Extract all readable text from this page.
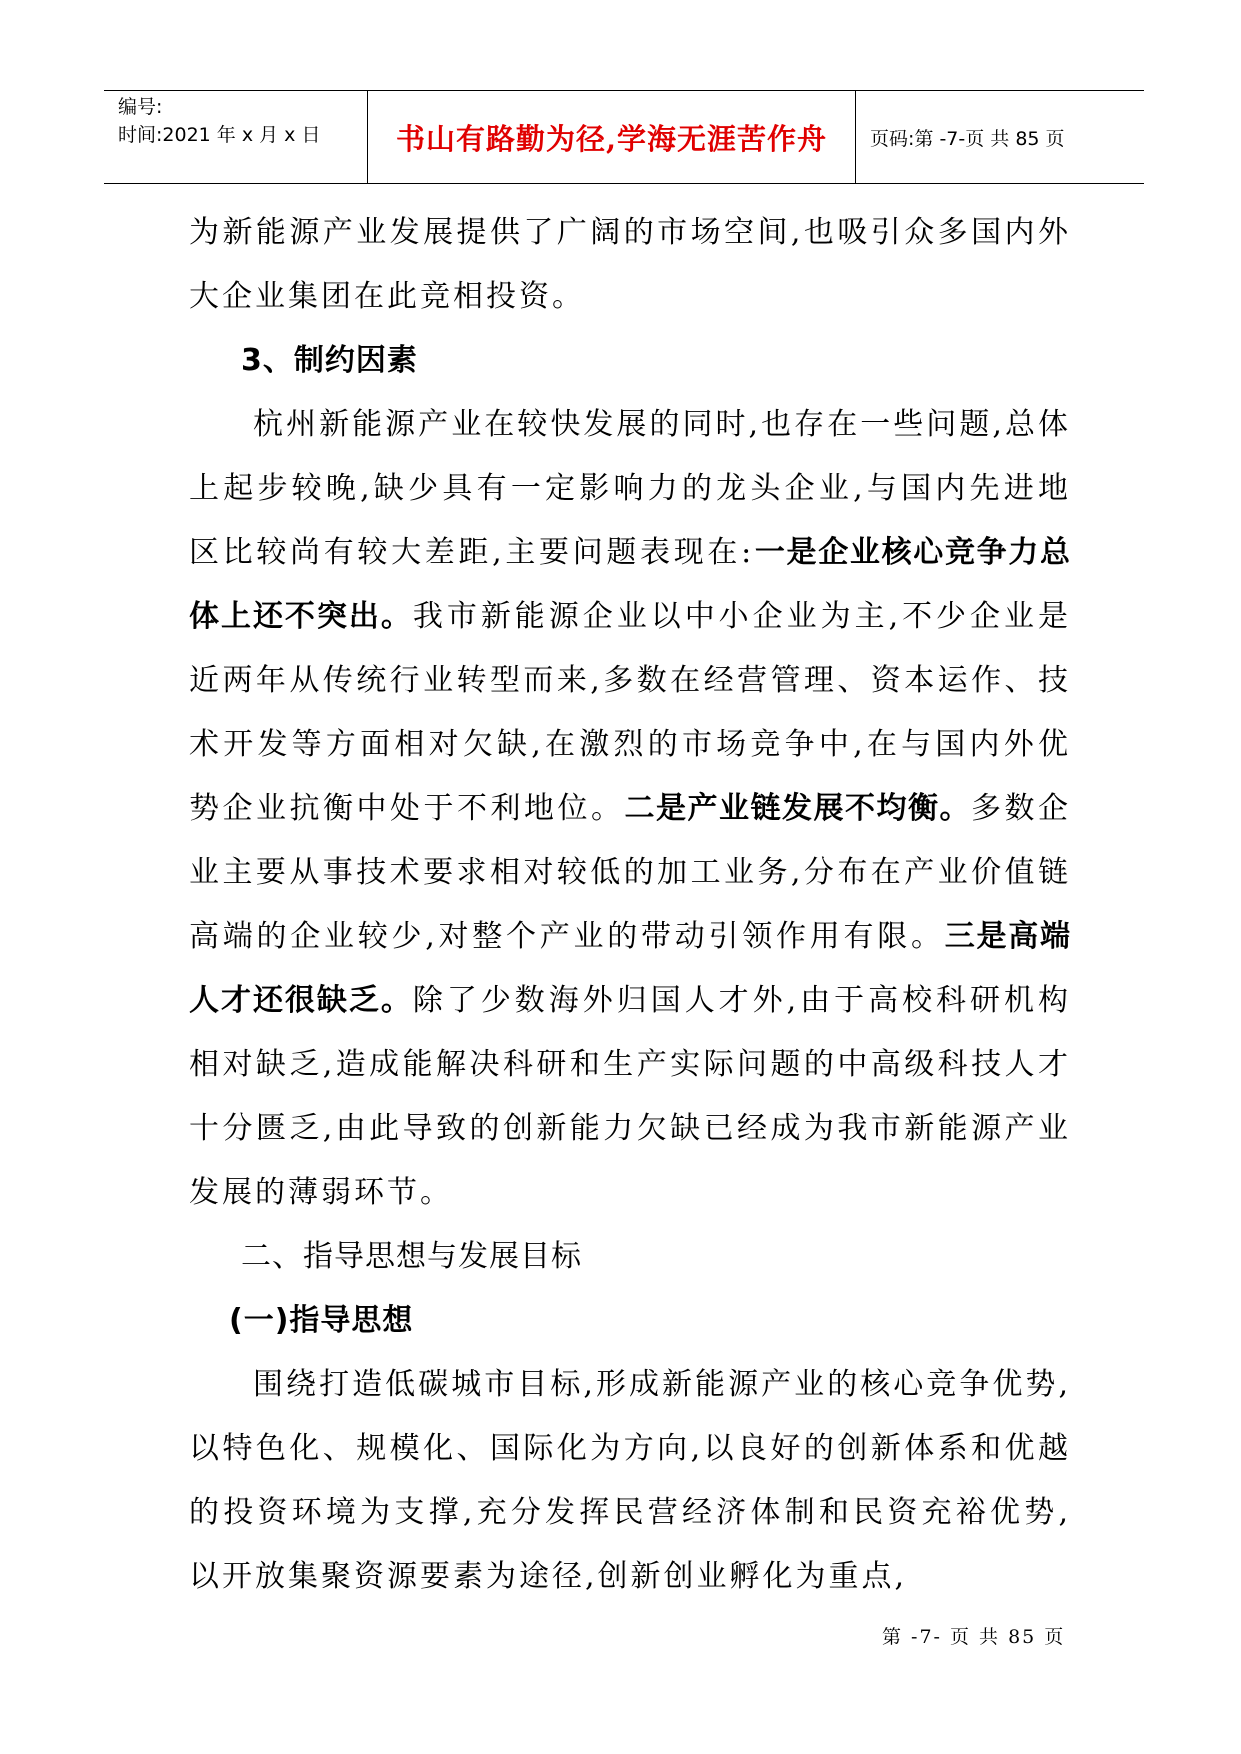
编号:
时间:2021 年 x 月 x 日	书山有路勤为径,学海无涯苦作舟 页码:第 -7-页 共 85 页

为新能源产业发展提供了广阔的市场空间,也吸引众多国内外大企业集团在此竞相投资。

3、制约因素

杭州新能源产业在较快发展的同时,也存在一些问题,总体上起步较晚,缺少具有一定影响力的龙头企业,与国内先进地区比较尚有较大差距,主要问题表现在:一是企业核心竞争力总体上还不突出。我市新能源企业以中小企业为主,不少企业是近两年从传统行业转型而来,多数在经营管理、资本运作、技术开发等方面相对欠缺,在激烈的市场竞争中,在与国内外优势企业抗衡中处于不利地位。二是产业链发展不均衡。多数企业主要从事技术要求相对较低的加工业务,分布在产业价值链高端的企业较少,对整个产业的带动引领作用有限。三是高端人才还很缺乏。除了少数海外归国人才外,由于高校科研机构相对缺乏,造成能解决科研和生产实际问题的中高级科技人才十分匮乏,由此导致的创新能力欠缺已经成为我市新能源产业发展的薄弱环节。

二、指导思想与发展目标

(一)指导思想

围绕打造低碳城市目标,形成新能源产业的核心竞争优势,以特色化、规模化、国际化为方向,以良好的创新体系和优越的投资环境为支撑,充分发挥民营经济体制和民资充裕优势,以开放集聚资源要素为途径,创新创业孵化为重点,

第 -7- 页 共 85 页
